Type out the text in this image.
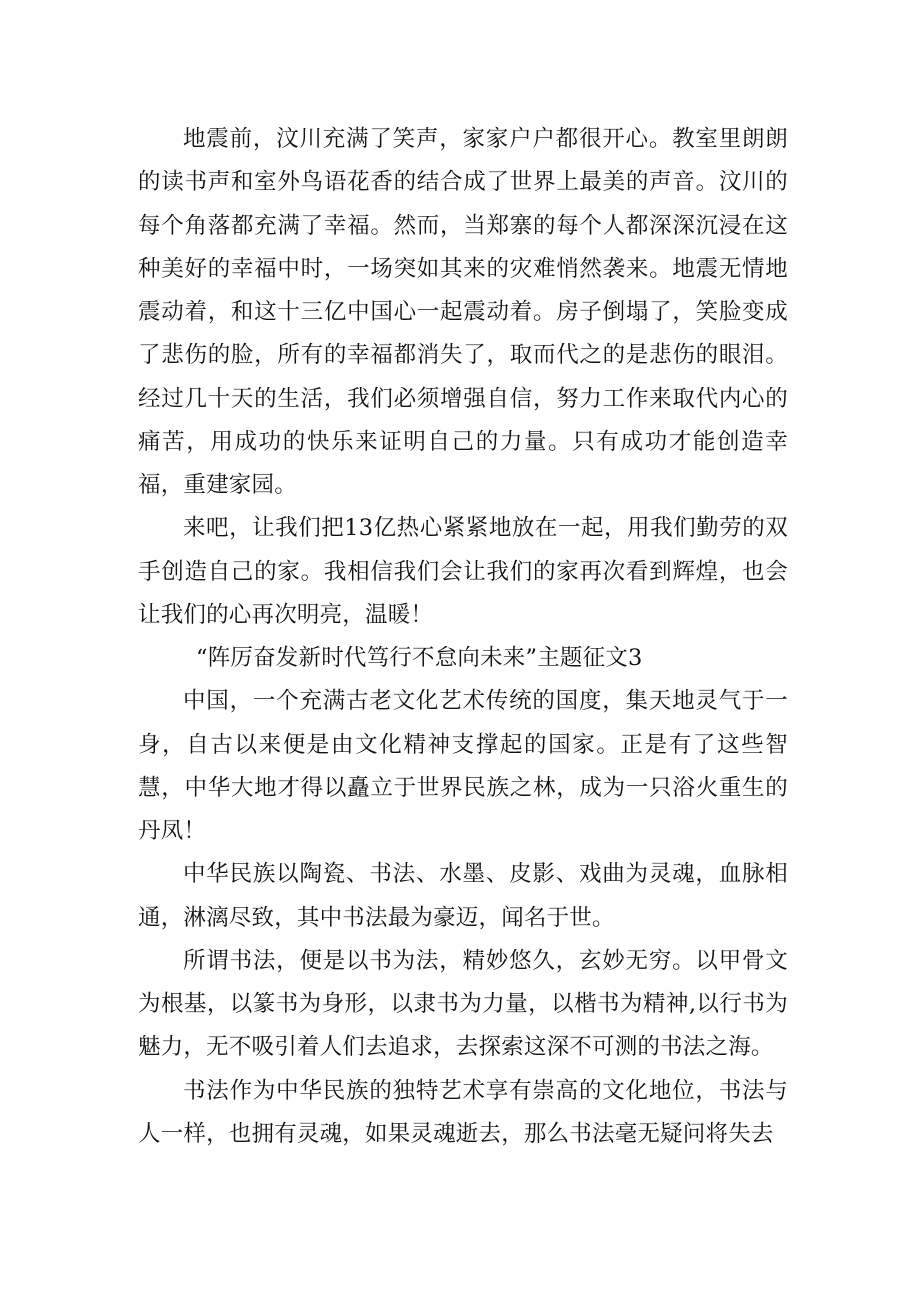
地震前，汶川充满了笑声，家家户户都很开心。教室里朗朗的读书声和室外鸟语花香的结合成了世界上最美的声音。汶川的每个角落都充满了幸福。然而，当郑寨的每个人都深深沉浸在这种美好的幸福中时，一场突如其来的灾难悄然袭来。地震无情地震动着，和这十三亿中国心一起震动着。房子倒塌了，笑脸变成了悲伤的脸，所有的幸福都消失了，取而代之的是悲伤的眼泪。经过几十天的生活，我们必须增强自信，努力工作来取代内心的痛苦，用成功的快乐来证明自己的力量。只有成功才能创造幸福，重建家园。

来吧，让我们把13亿热心紧紧地放在一起，用我们勤劳的双手创造自己的家。我相信我们会让我们的家再次看到辉煌，也会让我们的心再次明亮，温暖！

“阵厉奋发新时代笃行不怠向未来”主题征文3

中国，一个充满古老文化艺术传统的国度，集天地灵气于一身，自古以来便是由文化精神支撑起的国家。正是有了这些智慧，中华大地才得以矗立于世界民族之林，成为一只浴火重生的丹凤！

中华民族以陶瓷、书法、水墨、皮影、戏曲为灵魂，血脉相通，淋漓尽致，其中书法最为豪迈，闻名于世。

所谓书法，便是以书为法，精妙悠久，玄妙无穷。以甲骨文为根基，以篆书为身形，以隶书为力量，以楷书为精神,以行书为魅力，无不吸引着人们去追求，去探索这深不可测的书法之海。

书法作为中华民族的独特艺术享有崇高的文化地位，书法与人一样，也拥有灵魂，如果灵魂逝去，那么书法毫无疑问将失去
